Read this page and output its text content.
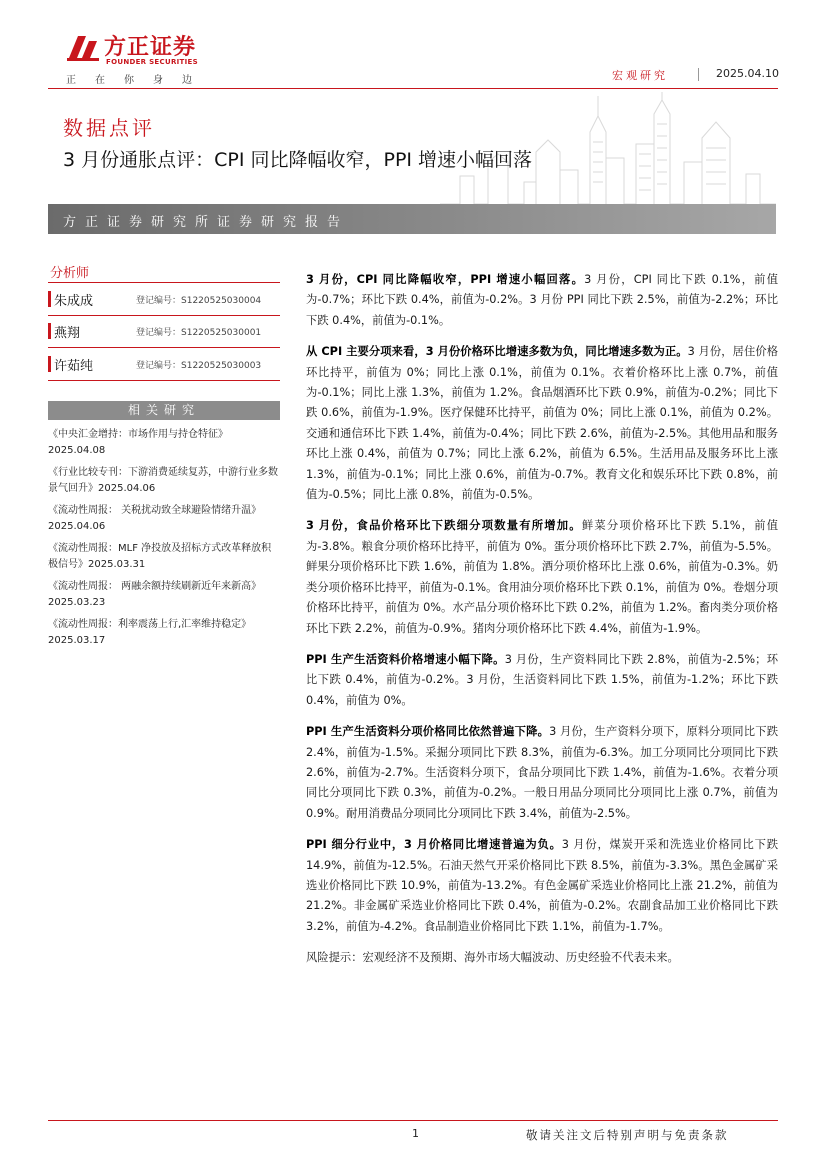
方正证券
FOUNDER SECURITIES
正在你身边	宏观研究	2025.04.10
数据点评
3 月份通胀点评：CPI 同比降幅收窄，PPI 增速小幅回落
方正证券研究所证券研究报告
分析师
朱成成	登记编号：S1220525030004
燕翔	登记编号：S1220525030001
许茹纯	登记编号：S1220525030003
相关研究
《中央汇金增持：市场作用与持仓特征》
2025.04.08
《行业比较专刊：下游消费延续复苏，中游行业多数景气回升》2025.04.06
《流动性周报： 关税扰动致全球避险情绪升温》2025.04.06
《流动性周报：MLF 净投放及招标方式改革释放积极信号》2025.03.31
《流动性周报： 两融余额持续刷新近年来新高》2025.03.23
《流动性周报：利率震荡上行,汇率维持稳定》
2025.03.17

3 月份，CPI 同比降幅收窄，PPI 增速小幅回落。3 月份，CPI 同比下跌 0.1%，前值为-0.7%；环比下跌 0.4%，前值为-0.2%。3 月份 PPI 同比下跌 2.5%，前值为-2.2%；环比下跌 0.4%，前值为-0.1%。

从 CPI 主要分项来看，3 月份价格环比增速多数为负，同比增速多数为正。3 月份，居住价格环比持平，前值为 0%；同比上涨 0.1%，前值为 0.1%。衣着价格环比上涨 0.7%，前值为-0.1%；同比上涨 1.3%，前值为 1.2%。食品烟酒环比下跌 0.9%，前值为-0.2%；同比下跌 0.6%，前值为-1.9%。医疗保健环比持平，前值为 0%；同比上涨 0.1%，前值为 0.2%。交通和通信环比下跌 1.4%，前值为-0.4%；同比下跌 2.6%，前值为-2.5%。其他用品和服务环比上涨 0.4%，前值为 0.7%；同比上涨 6.2%，前值为 6.5%。生活用品及服务环比上涨 1.3%，前值为-0.1%；同比上涨 0.6%，前值为-0.7%。教育文化和娱乐环比下跌 0.8%，前值为-0.5%；同比上涨 0.8%，前值为-0.5%。

3 月份，食品价格环比下跌细分项数量有所增加。鲜菜分项价格环比下跌 5.1%，前值为-3.8%。粮食分项价格环比持平，前值为 0%。蛋分项价格环比下跌 2.7%，前值为-5.5%。鲜果分项价格环比下跌 1.6%，前值为 1.8%。酒分项价格环比上涨 0.6%，前值为-0.3%。奶类分项价格环比持平，前值为-0.1%。食用油分项价格环比下跌 0.1%，前值为 0%。卷烟分项价格环比持平，前值为 0%。水产品分项价格环比下跌 0.2%，前值为 1.2%。畜肉类分项价格环比下跌 2.2%，前值为-0.9%。猪肉分项价格环比下跌 4.4%，前值为-1.9%。

PPI 生产生活资料价格增速小幅下降。3 月份，生产资料同比下跌 2.8%，前值为-2.5%；环比下跌 0.4%，前值为-0.2%。3 月份，生活资料同比下跌 1.5%，前值为-1.2%；环比下跌 0.4%，前值为 0%。

PPI 生产生活资料分项价格同比依然普遍下降。3 月份，生产资料分项下，原料分项同比下跌 2.4%，前值为-1.5%。采掘分项同比下跌 8.3%，前值为-6.3%。加工分项同比分项同比下跌 2.6%，前值为-2.7%。生活资料分项下，食品分项同比下跌 1.4%，前值为-1.6%。衣着分项同比分项同比下跌 0.3%，前值为-0.2%。一般日用品分项同比分项同比上涨 0.7%，前值为 0.9%。耐用消费品分项同比分项同比下跌 3.4%，前值为-2.5%。

PPI 细分行业中，3 月价格同比增速普遍为负。3 月份，煤炭开采和洗选业价格同比下跌 14.9%，前值为-12.5%。石油天然气开采价格同比下跌 8.5%，前值为-3.3%。黑色金属矿采选业价格同比下跌 10.9%，前值为-13.2%。有色金属矿采选业价格同比上涨 21.2%，前值为 21.2%。非金属矿采选业价格同比下跌 0.4%，前值为-0.2%。农副食品加工业价格同比下跌 3.2%，前值为-4.2%。食品制造业价格同比下跌 1.1%，前值为-1.7%。

风险提示：宏观经济不及预期、海外市场大幅波动、历史经验不代表未来。

1	敬请关注文后特别声明与免责条款
